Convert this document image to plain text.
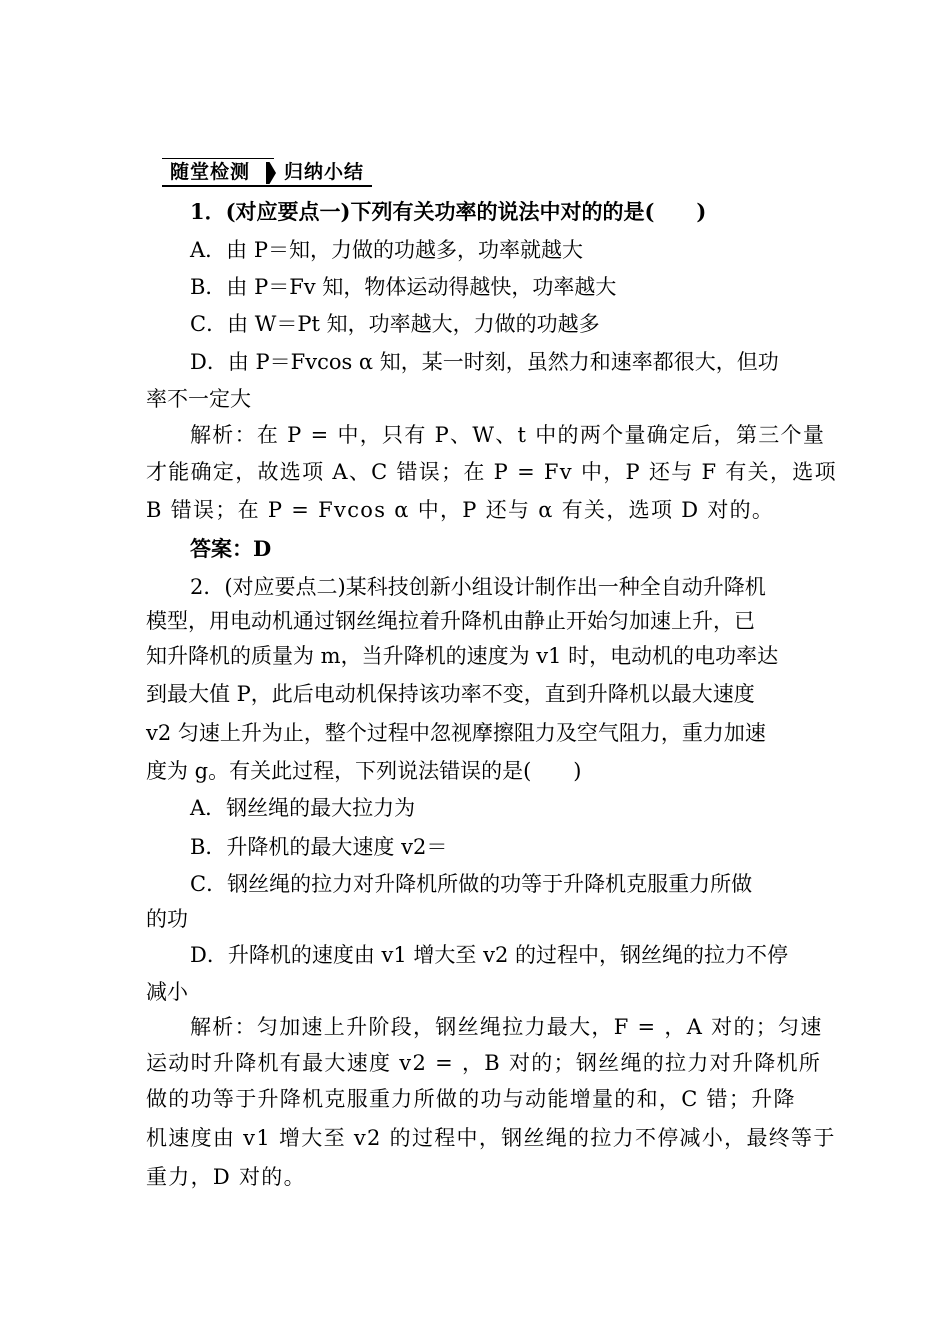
随堂检测 归纳小结
1．(对应要点一)下列有关功率的说法中对的的是(　　)
A．由 P＝知，力做的功越多，功率就越大
B．由 P＝Fv 知，物体运动得越快，功率越大
C．由 W＝Pt 知，功率越大，力做的功越多
D．由 P＝Fvcos α 知，某一时刻，虽然力和速率都很大，但功
率不一定大
解析：在 P = 中，只有 P、W、t 中的两个量确定后，第三个量
才能确定，故选项 A、C 错误；在 P = Fv 中，P 还与 F 有关，选项
B 错误；在 P = Fvcos α 中，P 还与 α 有关，选项 D 对的。
答案：D
2．(对应要点二)某科技创新小组设计制作出一种全自动升降机
模型，用电动机通过钢丝绳拉着升降机由静止开始匀加速上升，已
知升降机的质量为 m，当升降机的速度为 v1 时，电动机的电功率达
到最大值 P，此后电动机保持该功率不变，直到升降机以最大速度
v2 匀速上升为止，整个过程中忽视摩擦阻力及空气阻力，重力加速
度为 g。有关此过程，下列说法错误的是(　　)
A．钢丝绳的最大拉力为
B．升降机的最大速度 v2＝
C．钢丝绳的拉力对升降机所做的功等于升降机克服重力所做
的功
D．升降机的速度由 v1 增大至 v2 的过程中，钢丝绳的拉力不停
减小
解析：匀加速上升阶段，钢丝绳拉力最大，F = ，A 对的；匀速
运动时升降机有最大速度 v2 = ，B 对的；钢丝绳的拉力对升降机所
做的功等于升降机克服重力所做的功与动能增量的和，C 错；升降
机速度由 v1 增大至 v2 的过程中，钢丝绳的拉力不停减小，最终等于
重力，D 对的。
